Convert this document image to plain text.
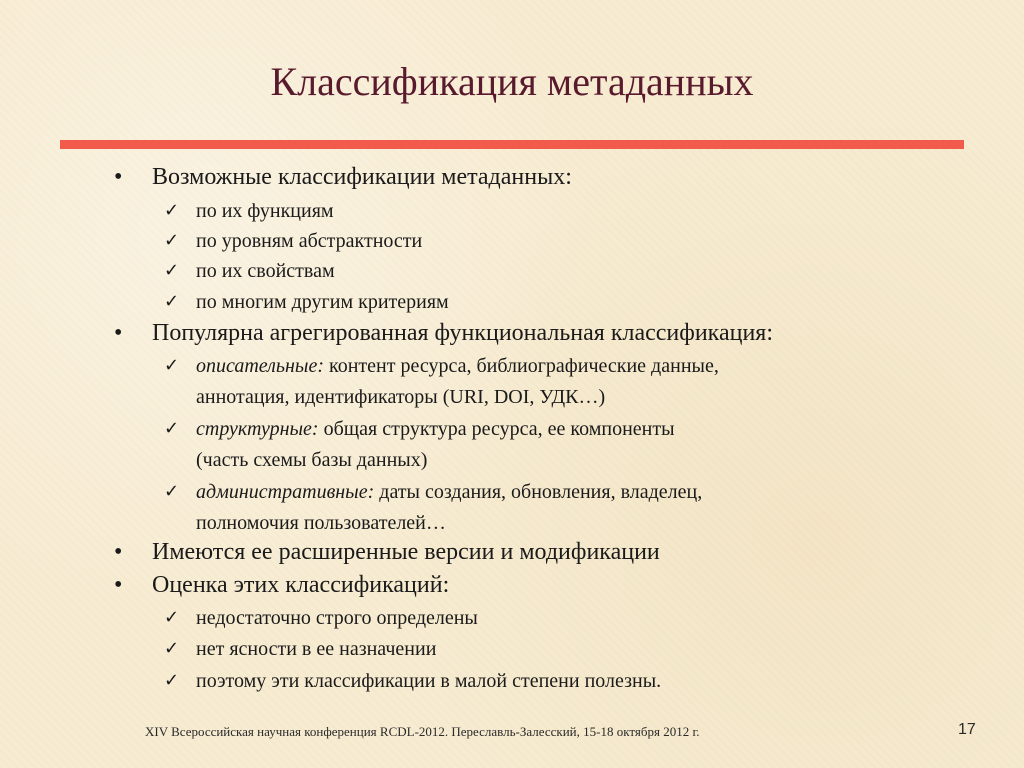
Классификация метаданных
• Возможные классификации метаданных:
✓ по их функциям
✓ по уровням абстрактности
✓ по их свойствам
✓ по многим другим критериям
• Популярна агрегированная функциональная классификация:
✓ описательные: контент ресурса, библиографические данные,
аннотация, идентификаторы (URI, DOI, УДК…)
✓ структурные: общая структура ресурса, ее компоненты
(часть схемы базы данных)
✓ административные: даты создания, обновления, владелец,
полномочия пользователей…
• Имеются ее расширенные версии и модификации
• Оценка этих классификаций:
✓ недостаточно строго определены
✓ нет ясности в ее назначении
✓ поэтому эти классификации в малой степени полезны.
XIV Всероссийская научная конференция RCDL-2012. Переславль-Залесский, 15-18 октября 2012 г.	17
